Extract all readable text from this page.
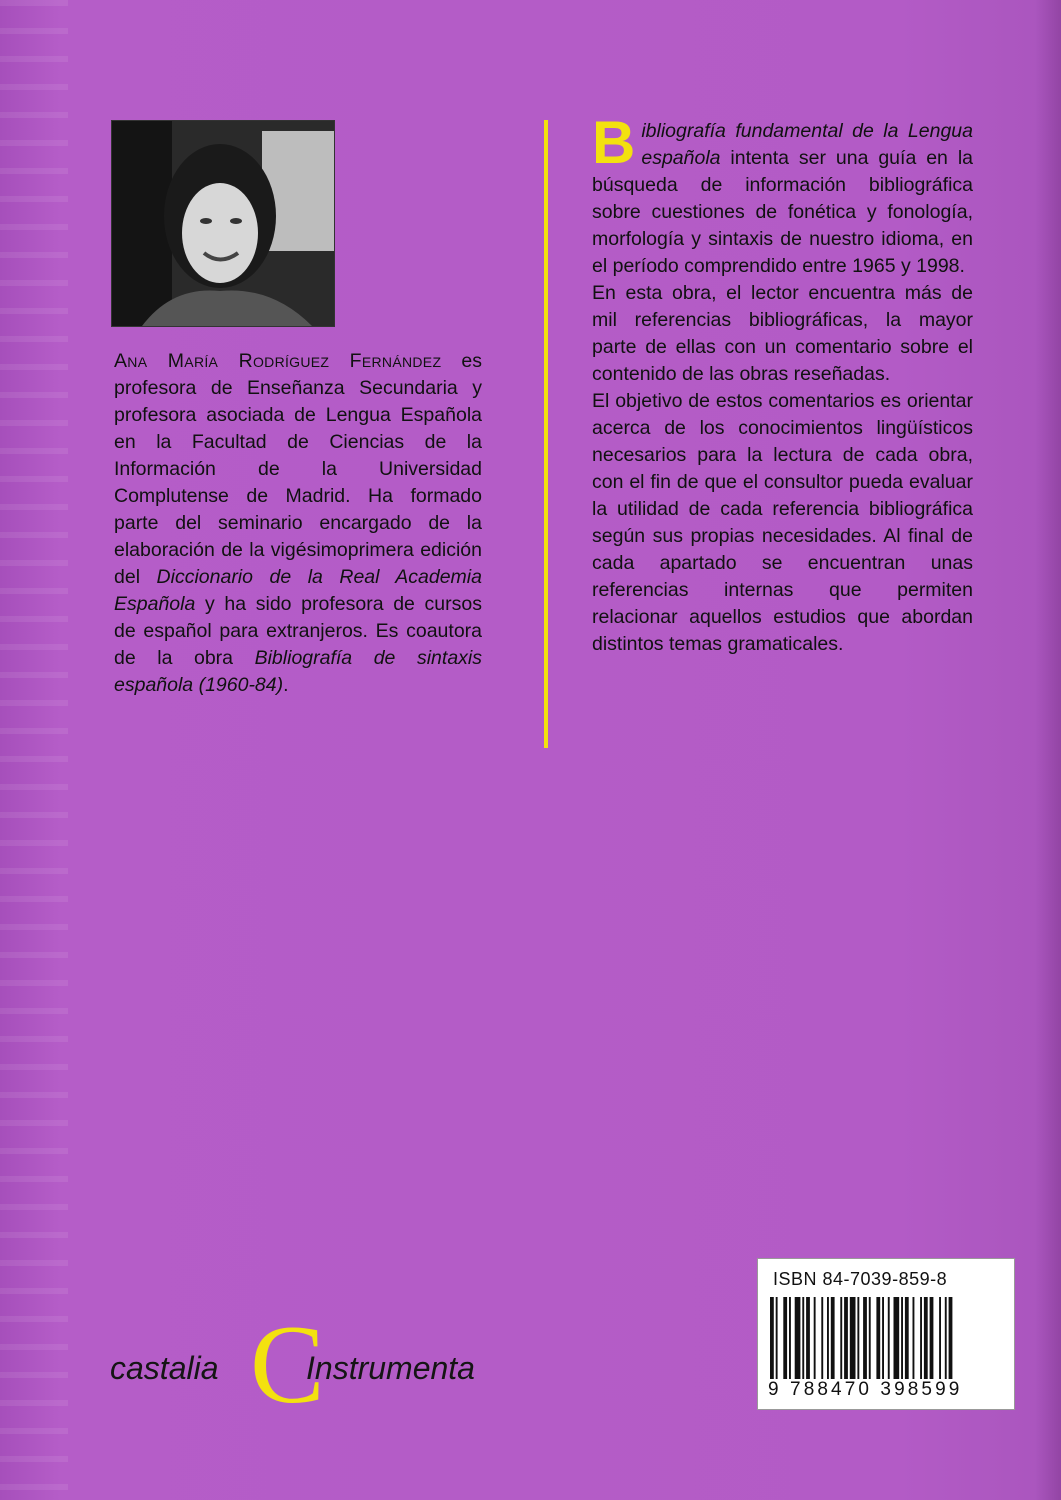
Ana María Rodríguez Fernández es profesora de Enseñanza Secundaria y profesora asociada de Lengua Española en la Facultad de Ciencias de la Información de la Universidad Complutense de Madrid. Ha formado parte del seminario encargado de la elaboración de la vigésimoprimera edición del Diccionario de la Real Academia Española y ha sido profesora de cursos de español para extranjeros. Es coautora de la obra Bibliografía de sintaxis española (1960-84).

Bibliografía fundamental de la Lengua española intenta ser una guía en la búsqueda de información bibliográfica sobre cuestiones de fonética y fonología, morfología y sintaxis de nuestro idioma, en el período comprendido entre 1965 y 1998.

En esta obra, el lector encuentra más de mil referencias bibliográficas, la mayor parte de ellas con un comentario sobre el contenido de las obras reseñadas.

El objetivo de estos comentarios es orientar acerca de los conocimientos lingüísticos necesarios para la lectura de cada obra, con el fin de que el consultor pueda evaluar la utilidad de cada referencia bibliográfica según sus propias necesidades. Al final de cada apartado se encuentran unas referencias internas que permiten relacionar aquellos estudios que abordan distintos temas gramaticales.

castalia C
Instrumenta
ISBN 84-7039-859-8
9 788470 398599
